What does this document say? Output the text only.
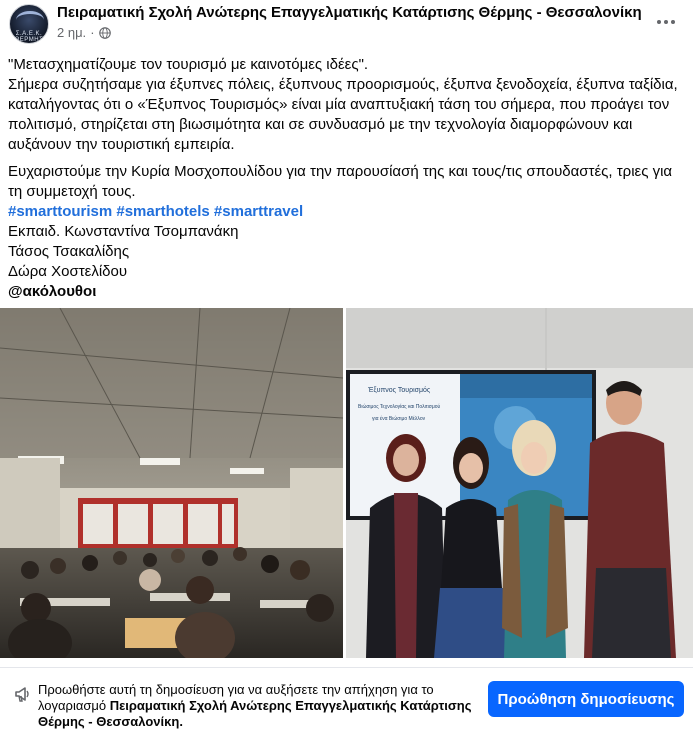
Σ.Α.Ε.Κ. ΘΕΡΜΗΣ
Πειραματική Σχολή Ανώτερης Επαγγελματικής Κατάρτισης Θέρμης - Θεσσαλονίκη
2 ημ. ·

"Μετασχηματίζουμε τον τουρισμό με καινοτόμες ιδέες".

Σήμερα συζητήσαμε για έξυπνες πόλεις, έξυπνους προορισμούς, έξυπνα ξενοδοχεία, έξυπνα ταξίδια, καταλήγοντας ότι ο «Έξυπνος Τουρισμός» είναι μία αναπτυξιακή τάση του σήμερα, που προάγει τον πολιτισμό, στηρίζεται στη βιωσιμότητα και σε συνδυασμό με την τεχνολογία διαμορφώνουν και αυξάνουν την τουριστική εμπειρία.

Ευχαριστούμε την Κυρία Μοσχοπουλίδου για την παρουσίασή της και τους/τις σπουδαστές, τριες για τη συμμετοχή τους.

#smarttourism #smarthotels #smarttravel

Εκπαιδ. Κωνσταντίνα Τσομπανάκη

Τάσος Τσακαλίδης

Δώρα Χοστελίδου

@ακόλουθοι

Έξυπνος Τουρισμός
Βιώσιμος Τεχνολογίας και Πολιτισμού
για ένα Βιώσιμο Μέλλον
Προωθήστε αυτή τη δημοσίευση για να αυξήσετε την απήχηση για το λογαριασμό Πειραματική Σχολή Ανώτερης Επαγγελματικής Κατάρτισης Θέρμης - Θεσσαλονίκη.
Προώθηση δημοσίευσης
